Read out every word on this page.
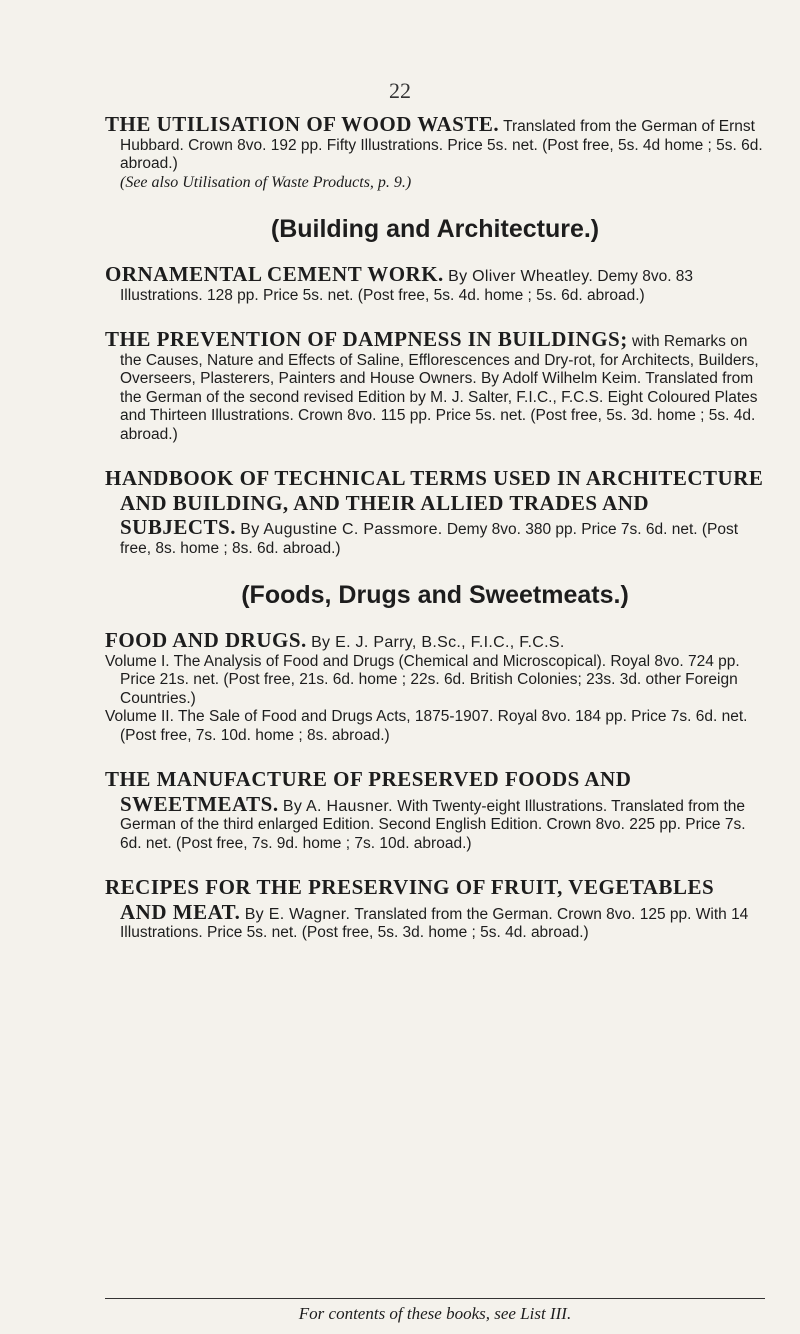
22

THE UTILISATION OF WOOD WASTE. Translated from the German of Ernst Hubbard. Crown 8vo. 192 pp. Fifty Illustrations. Price 5s. net. (Post free, 5s. 4d home ; 5s. 6d. abroad.)

(See also Utilisation of Waste Products, p. 9.)

(Building and Architecture.)

ORNAMENTAL CEMENT WORK. By Oliver Wheatley. Demy 8vo. 83 Illustrations. 128 pp. Price 5s. net. (Post free, 5s. 4d. home ; 5s. 6d. abroad.)

THE PREVENTION OF DAMPNESS IN BUILDINGS; with Remarks on the Causes, Nature and Effects of Saline, Efflorescences and Dry-rot, for Architects, Builders, Overseers, Plasterers, Painters and House Owners. By Adolf Wilhelm Keim. Translated from the German of the second revised Edition by M. J. Salter, F.I.C., F.C.S. Eight Coloured Plates and Thirteen Illustrations. Crown 8vo. 115 pp. Price 5s. net. (Post free, 5s. 3d. home ; 5s. 4d. abroad.)

HANDBOOK OF TECHNICAL TERMS USED IN ARCHITECTURE AND BUILDING, AND THEIR ALLIED TRADES AND SUBJECTS. By Augustine C. Passmore. Demy 8vo. 380 pp. Price 7s. 6d. net. (Post free, 8s. home ; 8s. 6d. abroad.)

(Foods, Drugs and Sweetmeats.)

FOOD AND DRUGS. By E. J. Parry, B.Sc., F.I.C., F.C.S.

Volume I. The Analysis of Food and Drugs (Chemical and Microscopical). Royal 8vo. 724 pp. Price 21s. net. (Post free, 21s. 6d. home ; 22s. 6d. British Colonies; 23s. 3d. other Foreign Countries.)

Volume II. The Sale of Food and Drugs Acts, 1875-1907. Royal 8vo. 184 pp. Price 7s. 6d. net. (Post free, 7s. 10d. home ; 8s. abroad.)

THE MANUFACTURE OF PRESERVED FOODS AND SWEETMEATS. By A. Hausner. With Twenty-eight Illustrations. Translated from the German of the third enlarged Edition. Second English Edition. Crown 8vo. 225 pp. Price 7s. 6d. net. (Post free, 7s. 9d. home ; 7s. 10d. abroad.)

RECIPES FOR THE PRESERVING OF FRUIT, VEGETABLES AND MEAT. By E. Wagner. Translated from the German. Crown 8vo. 125 pp. With 14 Illustrations. Price 5s. net. (Post free, 5s. 3d. home ; 5s. 4d. abroad.)

For contents of these books, see List III.
